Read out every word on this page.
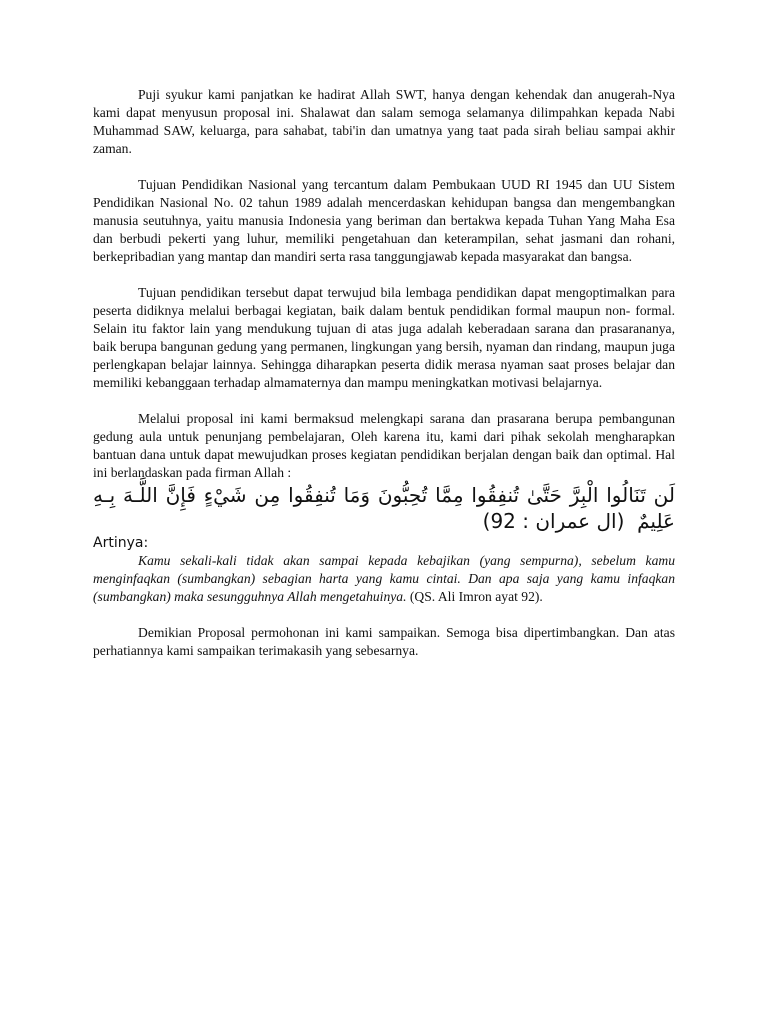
Puji syukur kami panjatkan ke hadirat Allah SWT, hanya dengan kehendak dan anugerah-Nya kami dapat menyusun proposal ini. Shalawat dan salam semoga selamanya dilimpahkan kepada Nabi Muhammad SAW, keluarga, para sahabat, tabi'in dan umatnya yang taat pada sirah beliau sampai akhir zaman.

Tujuan Pendidikan Nasional yang tercantum dalam Pembukaan UUD RI 1945 dan UU Sistem Pendidikan Nasional No. 02 tahun 1989 adalah mencerdaskan kehidupan bangsa dan mengembangkan manusia seutuhnya, yaitu manusia Indonesia yang beriman dan bertakwa kepada Tuhan Yang Maha Esa dan berbudi pekerti yang luhur, memiliki pengetahuan dan keterampilan, sehat jasmani dan rohani, berkepribadian yang mantap dan mandiri serta rasa tanggungjawab kepada masyarakat dan bangsa.

Tujuan pendidikan tersebut dapat terwujud bila lembaga pendidikan dapat mengoptimalkan para peserta didiknya melalui berbagai kegiatan, baik dalam bentuk pendidikan formal maupun non- formal. Selain itu faktor lain yang mendukung tujuan di atas juga adalah keberadaan sarana dan prasarananya, baik berupa bangunan gedung yang permanen, lingkungan yang bersih, nyaman dan rindang, maupun juga perlengkapan belajar lainnya. Sehingga diharapkan peserta didik merasa nyaman saat proses belajar dan memiliki kebanggaan terhadap almamaternya dan mampu meningkatkan motivasi belajarnya.

Melalui proposal ini kami bermaksud melengkapi sarana dan prasarana berupa pembangunan gedung aula untuk penunjang pembelajaran, Oleh karena itu, kami dari pihak sekolah mengharapkan bantuan dana untuk dapat mewujudkan proses kegiatan pendidikan berjalan dengan baik dan optimal. Hal ini berlandaskan pada firman Allah :

لَن تَنَالُوا الْبِرَّ حَتَّىٰ تُنفِقُوا مِمَّا تُحِبُّونَ وَمَا تُنفِقُوا مِن شَيْءٍ فَإِنَّ اللَّـهَ بِـهِ عَلِيمٌ  (ال عمران : 92)

Artinya:

Kamu sekali-kali tidak akan sampai kepada kebajikan (yang sempurna), sebelum kamu menginfaqkan (sumbangkan) sebagian harta yang kamu cintai. Dan apa saja yang kamu infaqkan (sumbangkan) maka sesungguhnya Allah mengetahuinya. (QS. Ali Imron ayat 92).

Demikian Proposal permohonan ini kami sampaikan. Semoga bisa dipertimbangkan. Dan atas perhatiannya kami sampaikan terimakasih yang sebesarnya.
